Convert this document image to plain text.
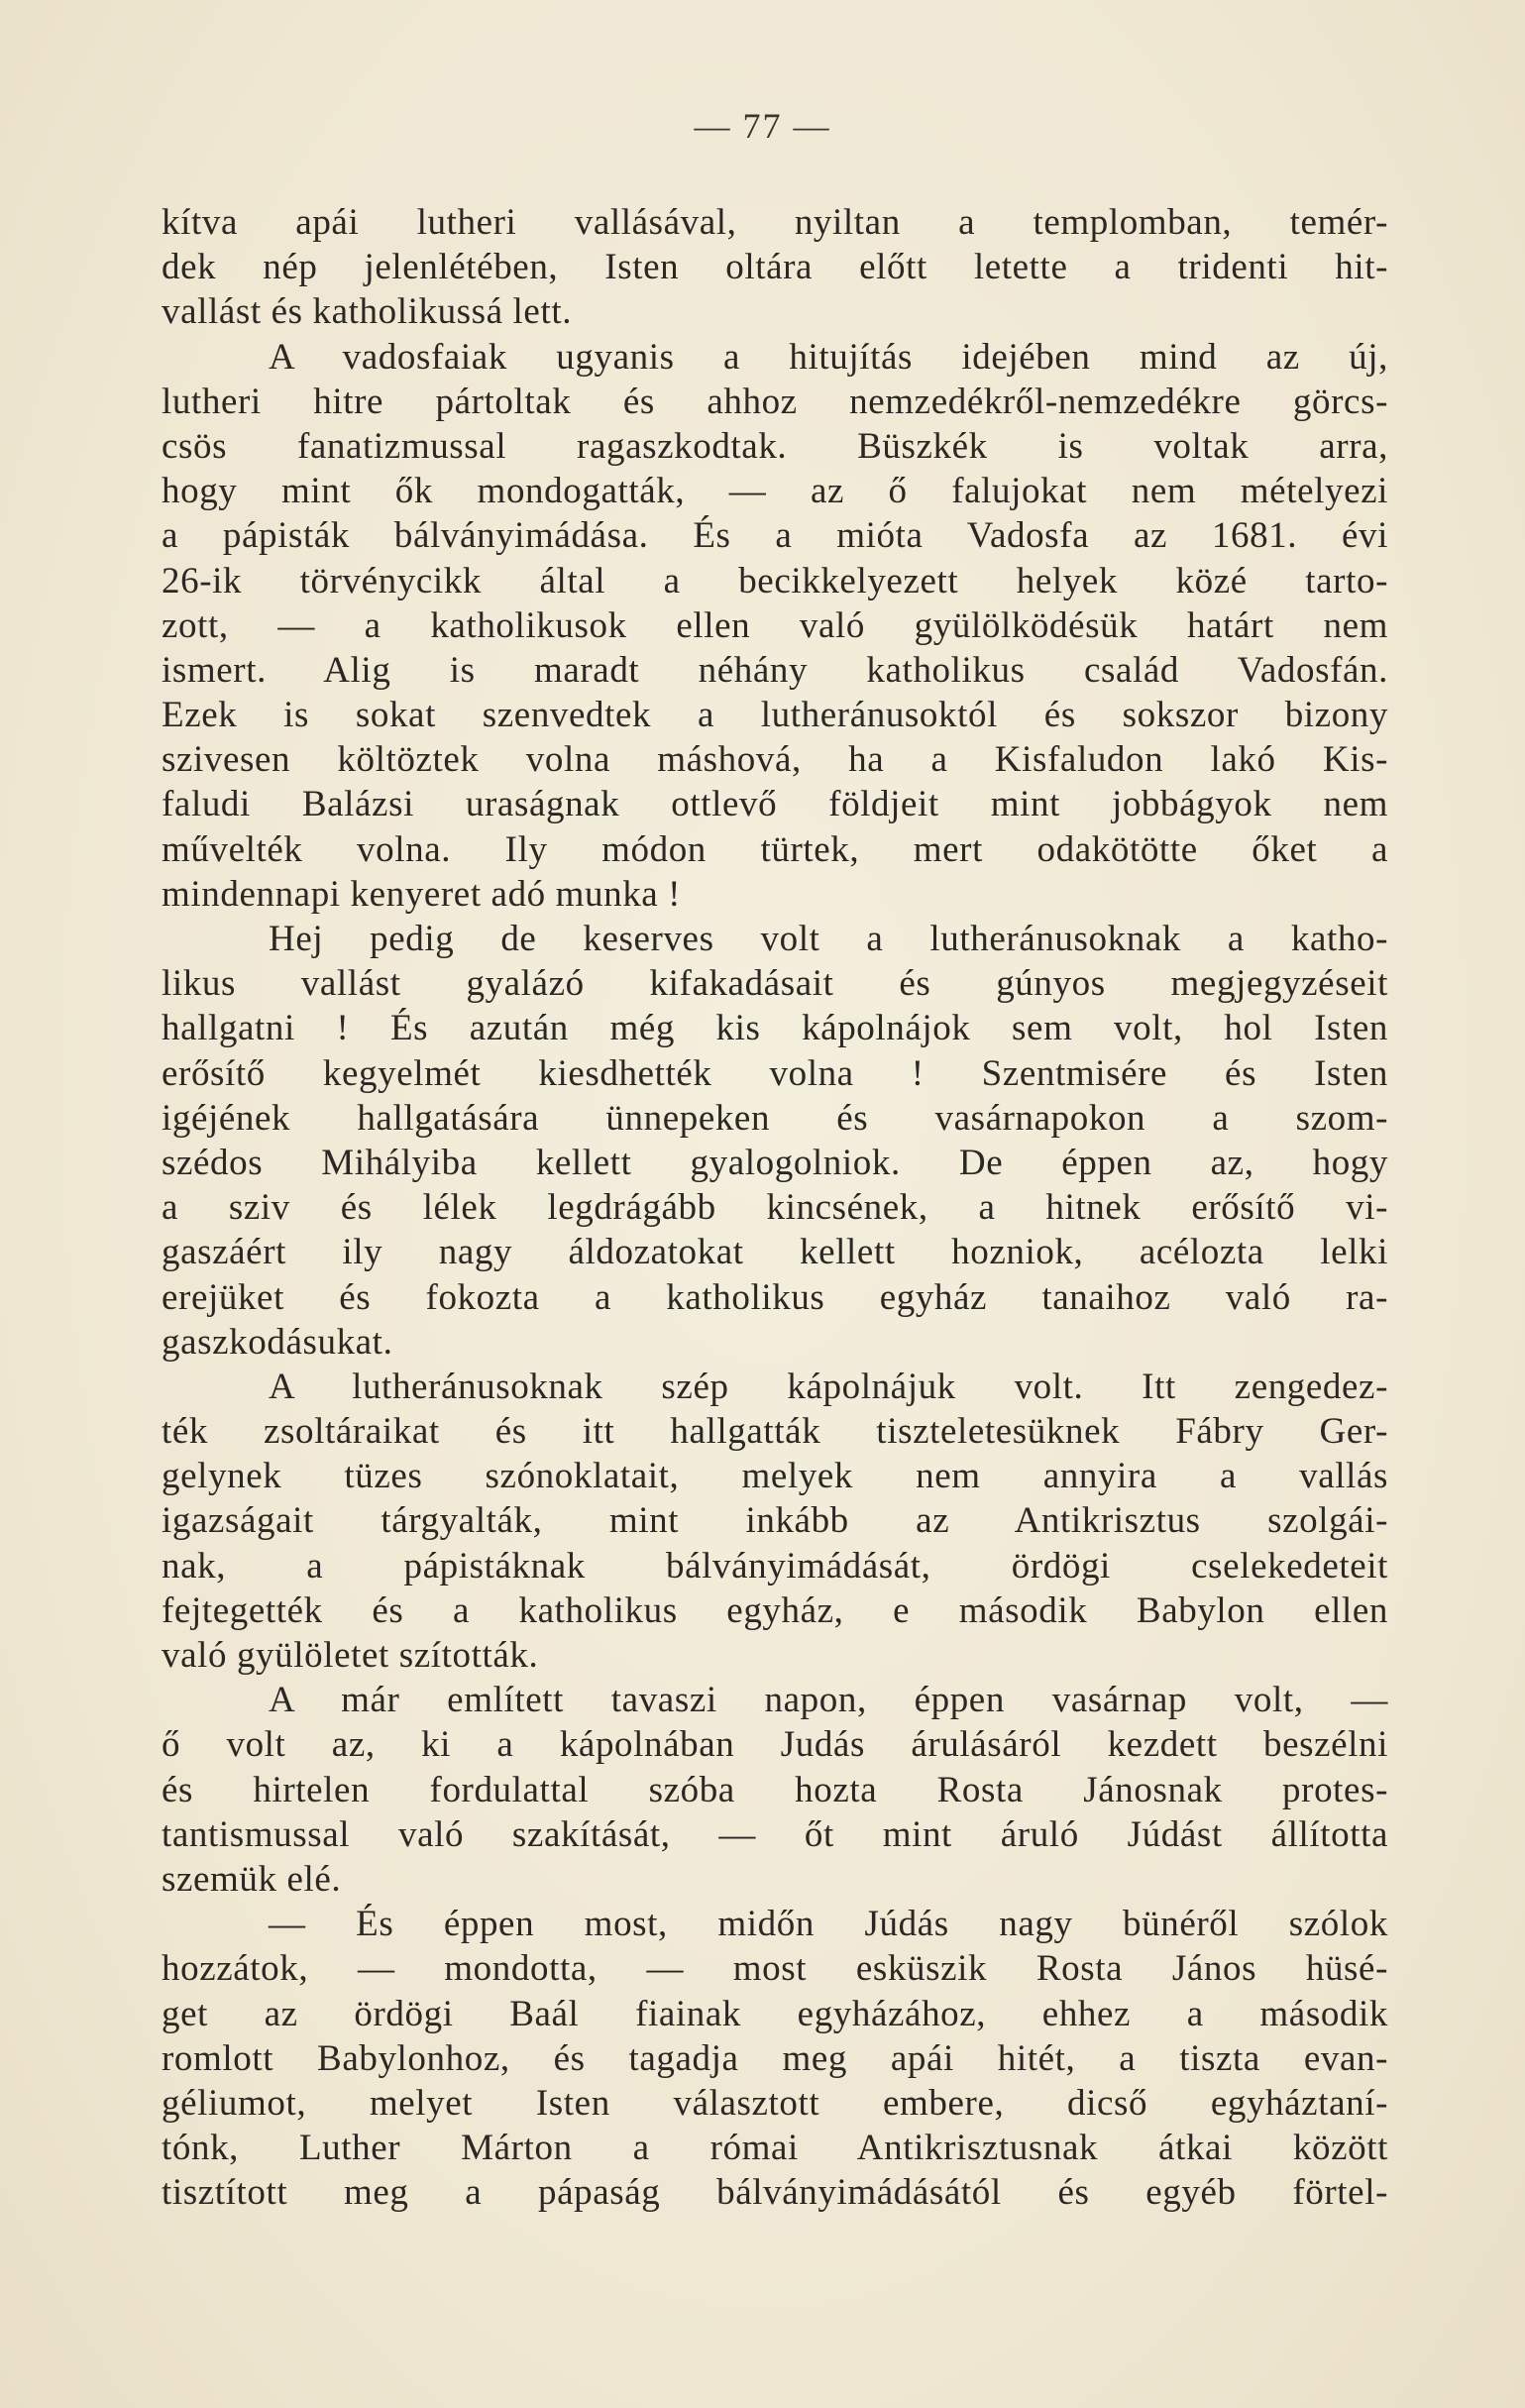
— 77 —
kítva apái lutheri vallásával, nyiltan a templomban, temér-
dek nép jelenlétében, Isten oltára előtt letette a tridenti hit-
vallást és katholikussá lett.
A vadosfaiak ugyanis a hitujítás idejében mind az új,
lutheri hitre pártoltak és ahhoz nemzedékről-nemzedékre görcs-
csös fanatizmussal ragaszkodtak. Büszkék is voltak arra,
hogy mint ők mondogatták, — az ő falujokat nem mételyezi
a pápisták bálványimádása. És a mióta Vadosfa az 1681. évi
26-ik törvénycikk által a becikkelyezett helyek közé tarto-
zott, — a katholikusok ellen való gyülölködésük határt nem
ismert. Alig is maradt néhány katholikus család Vadosfán.
Ezek is sokat szenvedtek a lutheránusoktól és sokszor bizony
szivesen költöztek volna máshová, ha a Kisfaludon lakó Kis-
faludi Balázsi uraságnak ottlevő földjeit mint jobbágyok nem
művelték volna. Ily módon türtek, mert odakötötte őket a
mindennapi kenyeret adó munka !
Hej pedig de keserves volt a lutheránusoknak a katho-
likus vallást gyalázó kifakadásait és gúnyos megjegyzéseit
hallgatni ! És azután még kis kápolnájok sem volt, hol Isten
erősítő kegyelmét kiesdhették volna ! Szentmisére és Isten
igéjének hallgatására ünnepeken és vasárnapokon a szom-
szédos Mihályiba kellett gyalogolniok. De éppen az, hogy
a sziv és lélek legdrágább kincsének, a hitnek erősítő vi-
gaszáért ily nagy áldozatokat kellett hozniok, acélozta lelki
erejüket és fokozta a katholikus egyház tanaihoz való ra-
gaszkodásukat.
A lutheránusoknak szép kápolnájuk volt. Itt zengedez-
ték zsoltáraikat és itt hallgatták tiszteletesüknek Fábry Ger-
gelynek tüzes szónoklatait, melyek nem annyira a vallás
igazságait tárgyalták, mint inkább az Antikrisztus szolgái-
nak, a pápistáknak bálványimádását, ördögi cselekedeteit
fejtegették és a katholikus egyház, e második Babylon ellen
való gyülöletet szították.
A már említett tavaszi napon, éppen vasárnap volt, —
ő volt az, ki a kápolnában Judás árulásáról kezdett beszélni
és hirtelen fordulattal szóba hozta Rosta Jánosnak protes-
tantismussal való szakítását, — őt mint áruló Júdást állította
szemük elé.
— És éppen most, midőn Júdás nagy bünéről szólok
hozzátok, — mondotta, — most esküszik Rosta János hüsé-
get az ördögi Baál fiainak egyházához, ehhez a második
romlott Babylonhoz, és tagadja meg apái hitét, a tiszta evan-
géliumot, melyet Isten választott embere, dicső egyháztaní-
tónk, Luther Márton a római Antikrisztusnak átkai között
tisztított meg a pápaság bálványimádásától és egyéb förtel-
